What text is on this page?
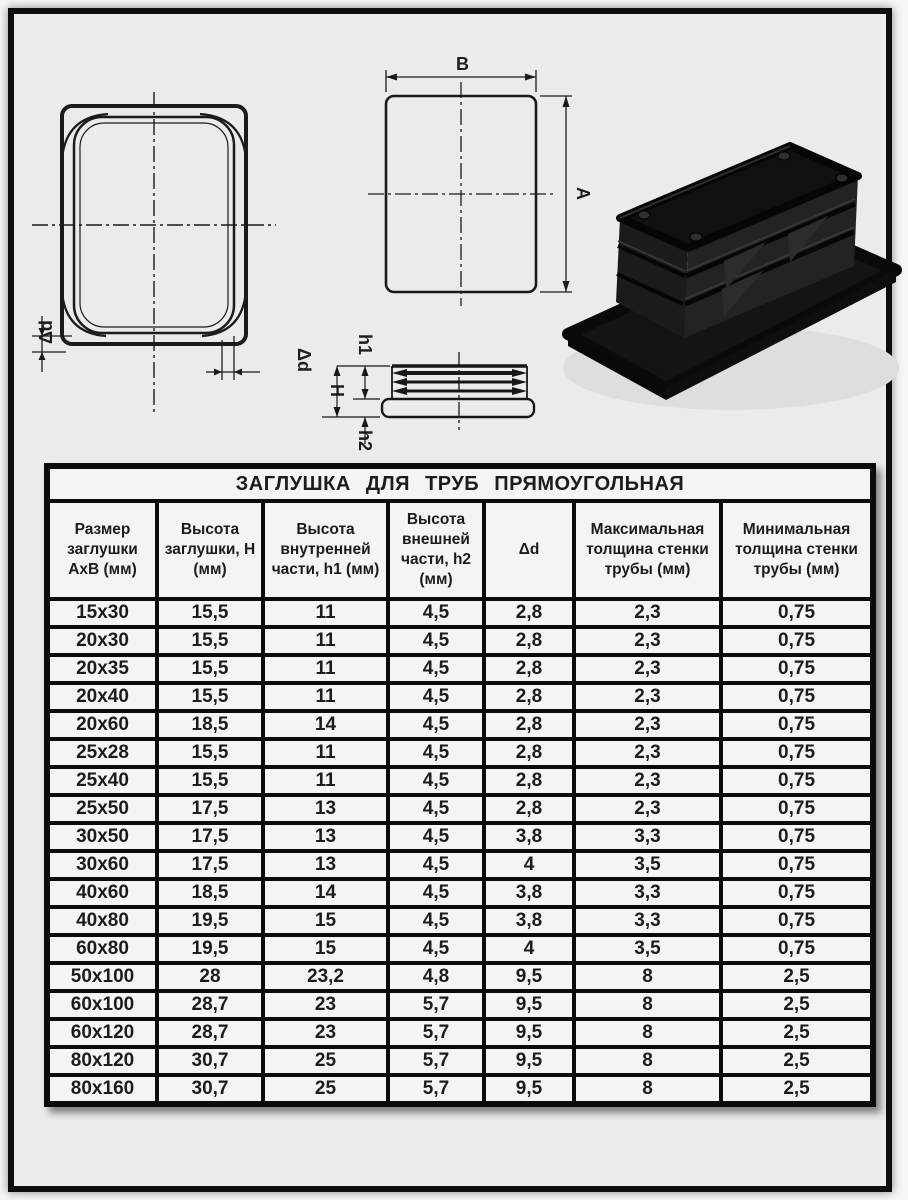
Δd
Δd
B
A
H
h1
h2
ЗАГЛУШКА ДЛЯ ТРУБ ПРЯМОУГОЛЬНАЯ						
Размер заглушки АхВ (мм)	Высота заглушки, Н (мм)	Высота внутренней части, h1 (мм)	Высота внешней части, h2 (мм)	Δd	Максимальная толщина стенки трубы (мм)	Минимальная толщина стенки трубы (мм)
15x30	15,5	11	4,5	2,8	2,3	0,75
20x30	15,5	11	4,5	2,8	2,3	0,75
20x35	15,5	11	4,5	2,8	2,3	0,75
20x40	15,5	11	4,5	2,8	2,3	0,75
20x60	18,5	14	4,5	2,8	2,3	0,75
25x28	15,5	11	4,5	2,8	2,3	0,75
25x40	15,5	11	4,5	2,8	2,3	0,75
25x50	17,5	13	4,5	2,8	2,3	0,75
30x50	17,5	13	4,5	3,8	3,3	0,75
30x60	17,5	13	4,5	4	3,5	0,75
40x60	18,5	14	4,5	3,8	3,3	0,75
40x80	19,5	15	4,5	3,8	3,3	0,75
60x80	19,5	15	4,5	4	3,5	0,75
50x100	28	23,2	4,8	9,5	8	2,5
60x100	28,7	23	5,7	9,5	8	2,5
60x120	28,7	23	5,7	9,5	8	2,5
80x120	30,7	25	5,7	9,5	8	2,5
80x160	30,7	25	5,7	9,5	8	2,5
